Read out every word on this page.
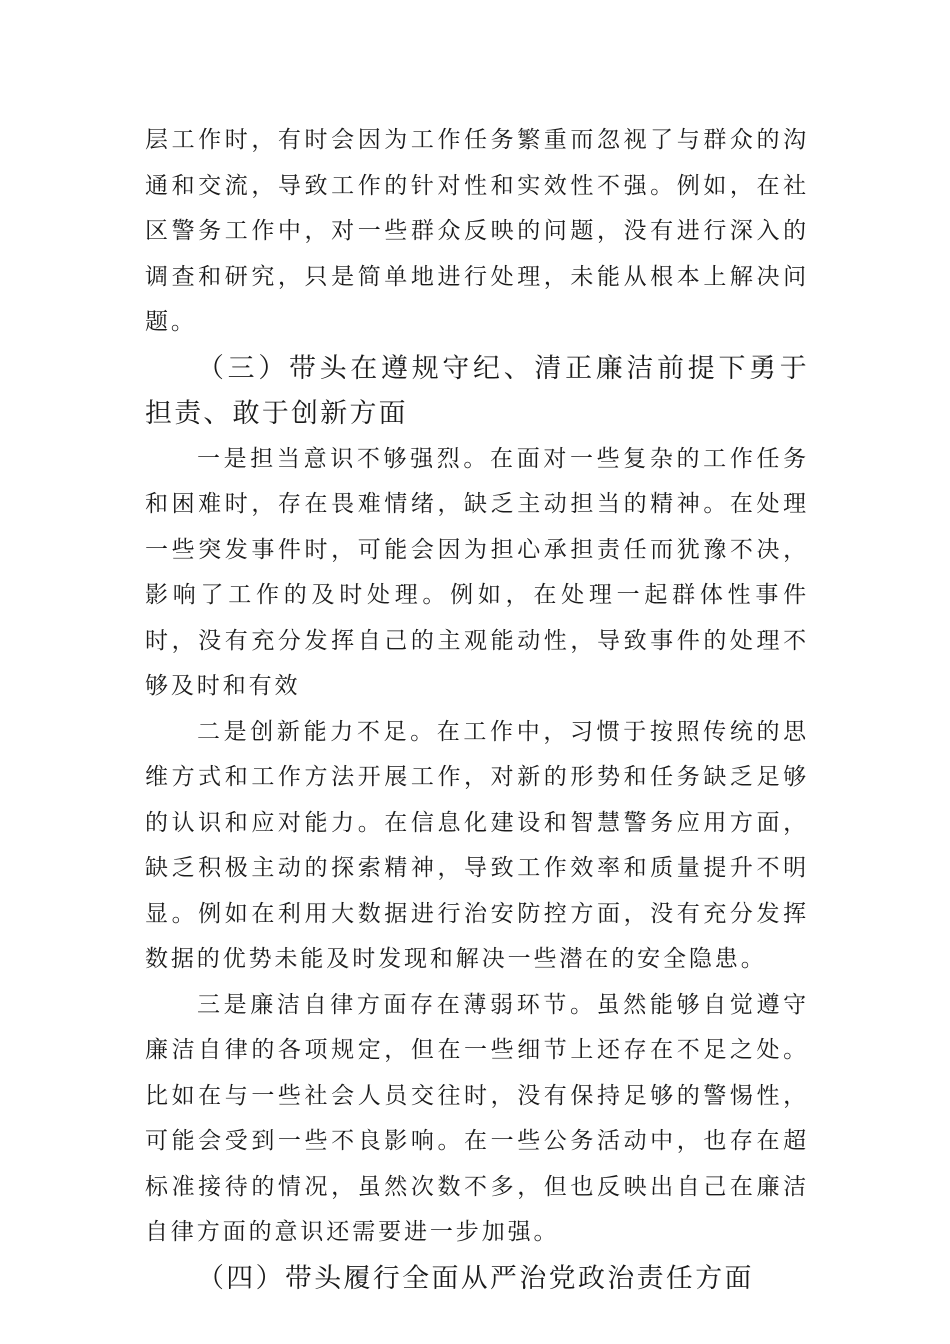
层工作时，有时会因为工作任务繁重而忽视了与群众的沟通和交流，导致工作的针对性和实效性不强。例如，在社区警务工作中，对一些群众反映的问题，没有进行深入的调查和研究，只是简单地进行处理，未能从根本上解决问题。

（三）带头在遵规守纪、清正廉洁前提下勇于担责、敢于创新方面

一是担当意识不够强烈。在面对一些复杂的工作任务和困难时，存在畏难情绪，缺乏主动担当的精神。在处理一些突发事件时，可能会因为担心承担责任而犹豫不决，影响了工作的及时处理。例如，在处理一起群体性事件时，没有充分发挥自己的主观能动性，导致事件的处理不够及时和有效

二是创新能力不足。在工作中，习惯于按照传统的思维方式和工作方法开展工作，对新的形势和任务缺乏足够的认识和应对能力。在信息化建设和智慧警务应用方面，缺乏积极主动的探索精神，导致工作效率和质量提升不明显。例如在利用大数据进行治安防控方面，没有充分发挥数据的优势未能及时发现和解决一些潜在的安全隐患。

三是廉洁自律方面存在薄弱环节。虽然能够自觉遵守廉洁自律的各项规定，但在一些细节上还存在不足之处。比如在与一些社会人员交往时，没有保持足够的警惕性，可能会受到一些不良影响。在一些公务活动中，也存在超标准接待的情况，虽然次数不多，但也反映出自己在廉洁自律方面的意识还需要进一步加强。

（四）带头履行全面从严治党政治责任方面
